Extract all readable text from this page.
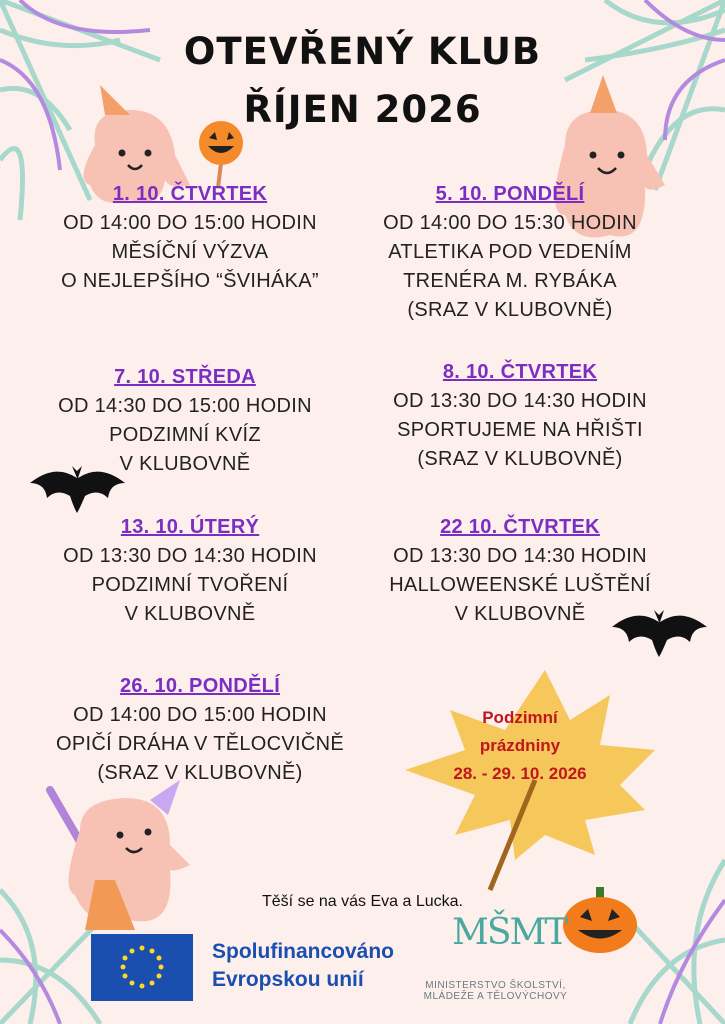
OTEVŘENÝ KLUB
ŘÍJEN 2026
1. 10. ČTVRTEK
OD 14:00 DO 15:00 HODIN
MĚSÍČNÍ VÝZVA
O NEJLEPŠÍHO “ŠVIHÁKA”
5. 10. PONDĚLÍ
OD 14:00 DO 15:30 HODIN
ATLETIKA POD VEDENÍM
TRENÉRA M. RYBÁKA
(SRAZ V KLUBOVNĚ)
7. 10. STŘEDA
OD 14:30 DO 15:00 HODIN
PODZIMNÍ KVÍZ
V KLUBOVNĚ
8. 10. ČTVRTEK
OD 13:30 DO 14:30 HODIN
SPORTUJEME NA HŘIŠTI
(SRAZ V KLUBOVNĚ)
13. 10. ÚTERÝ
OD 13:30 DO 14:30 HODIN
PODZIMNÍ TVOŘENÍ
V KLUBOVNĚ
22 10. ČTVRTEK
OD 13:30 DO 14:30 HODIN
HALLOWEENSKÉ LUŠTĚNÍ
V KLUBOVNĚ
26. 10. PONDĚLÍ
OD 14:00 DO 15:00 HODIN
OPIČÍ DRÁHA V TĚLOCVIČNĚ
(SRAZ V KLUBOVNĚ)
Podzimní
prázdniny
28. - 29. 10. 2026
Těší se na vás Eva a Lucka.
Spolufinancováno
Evropskou unií
MŠMT
MINISTERSTVO ŠKOLSTVÍ,
MLÁDEŽE A TĚLOVÝCHOVY
